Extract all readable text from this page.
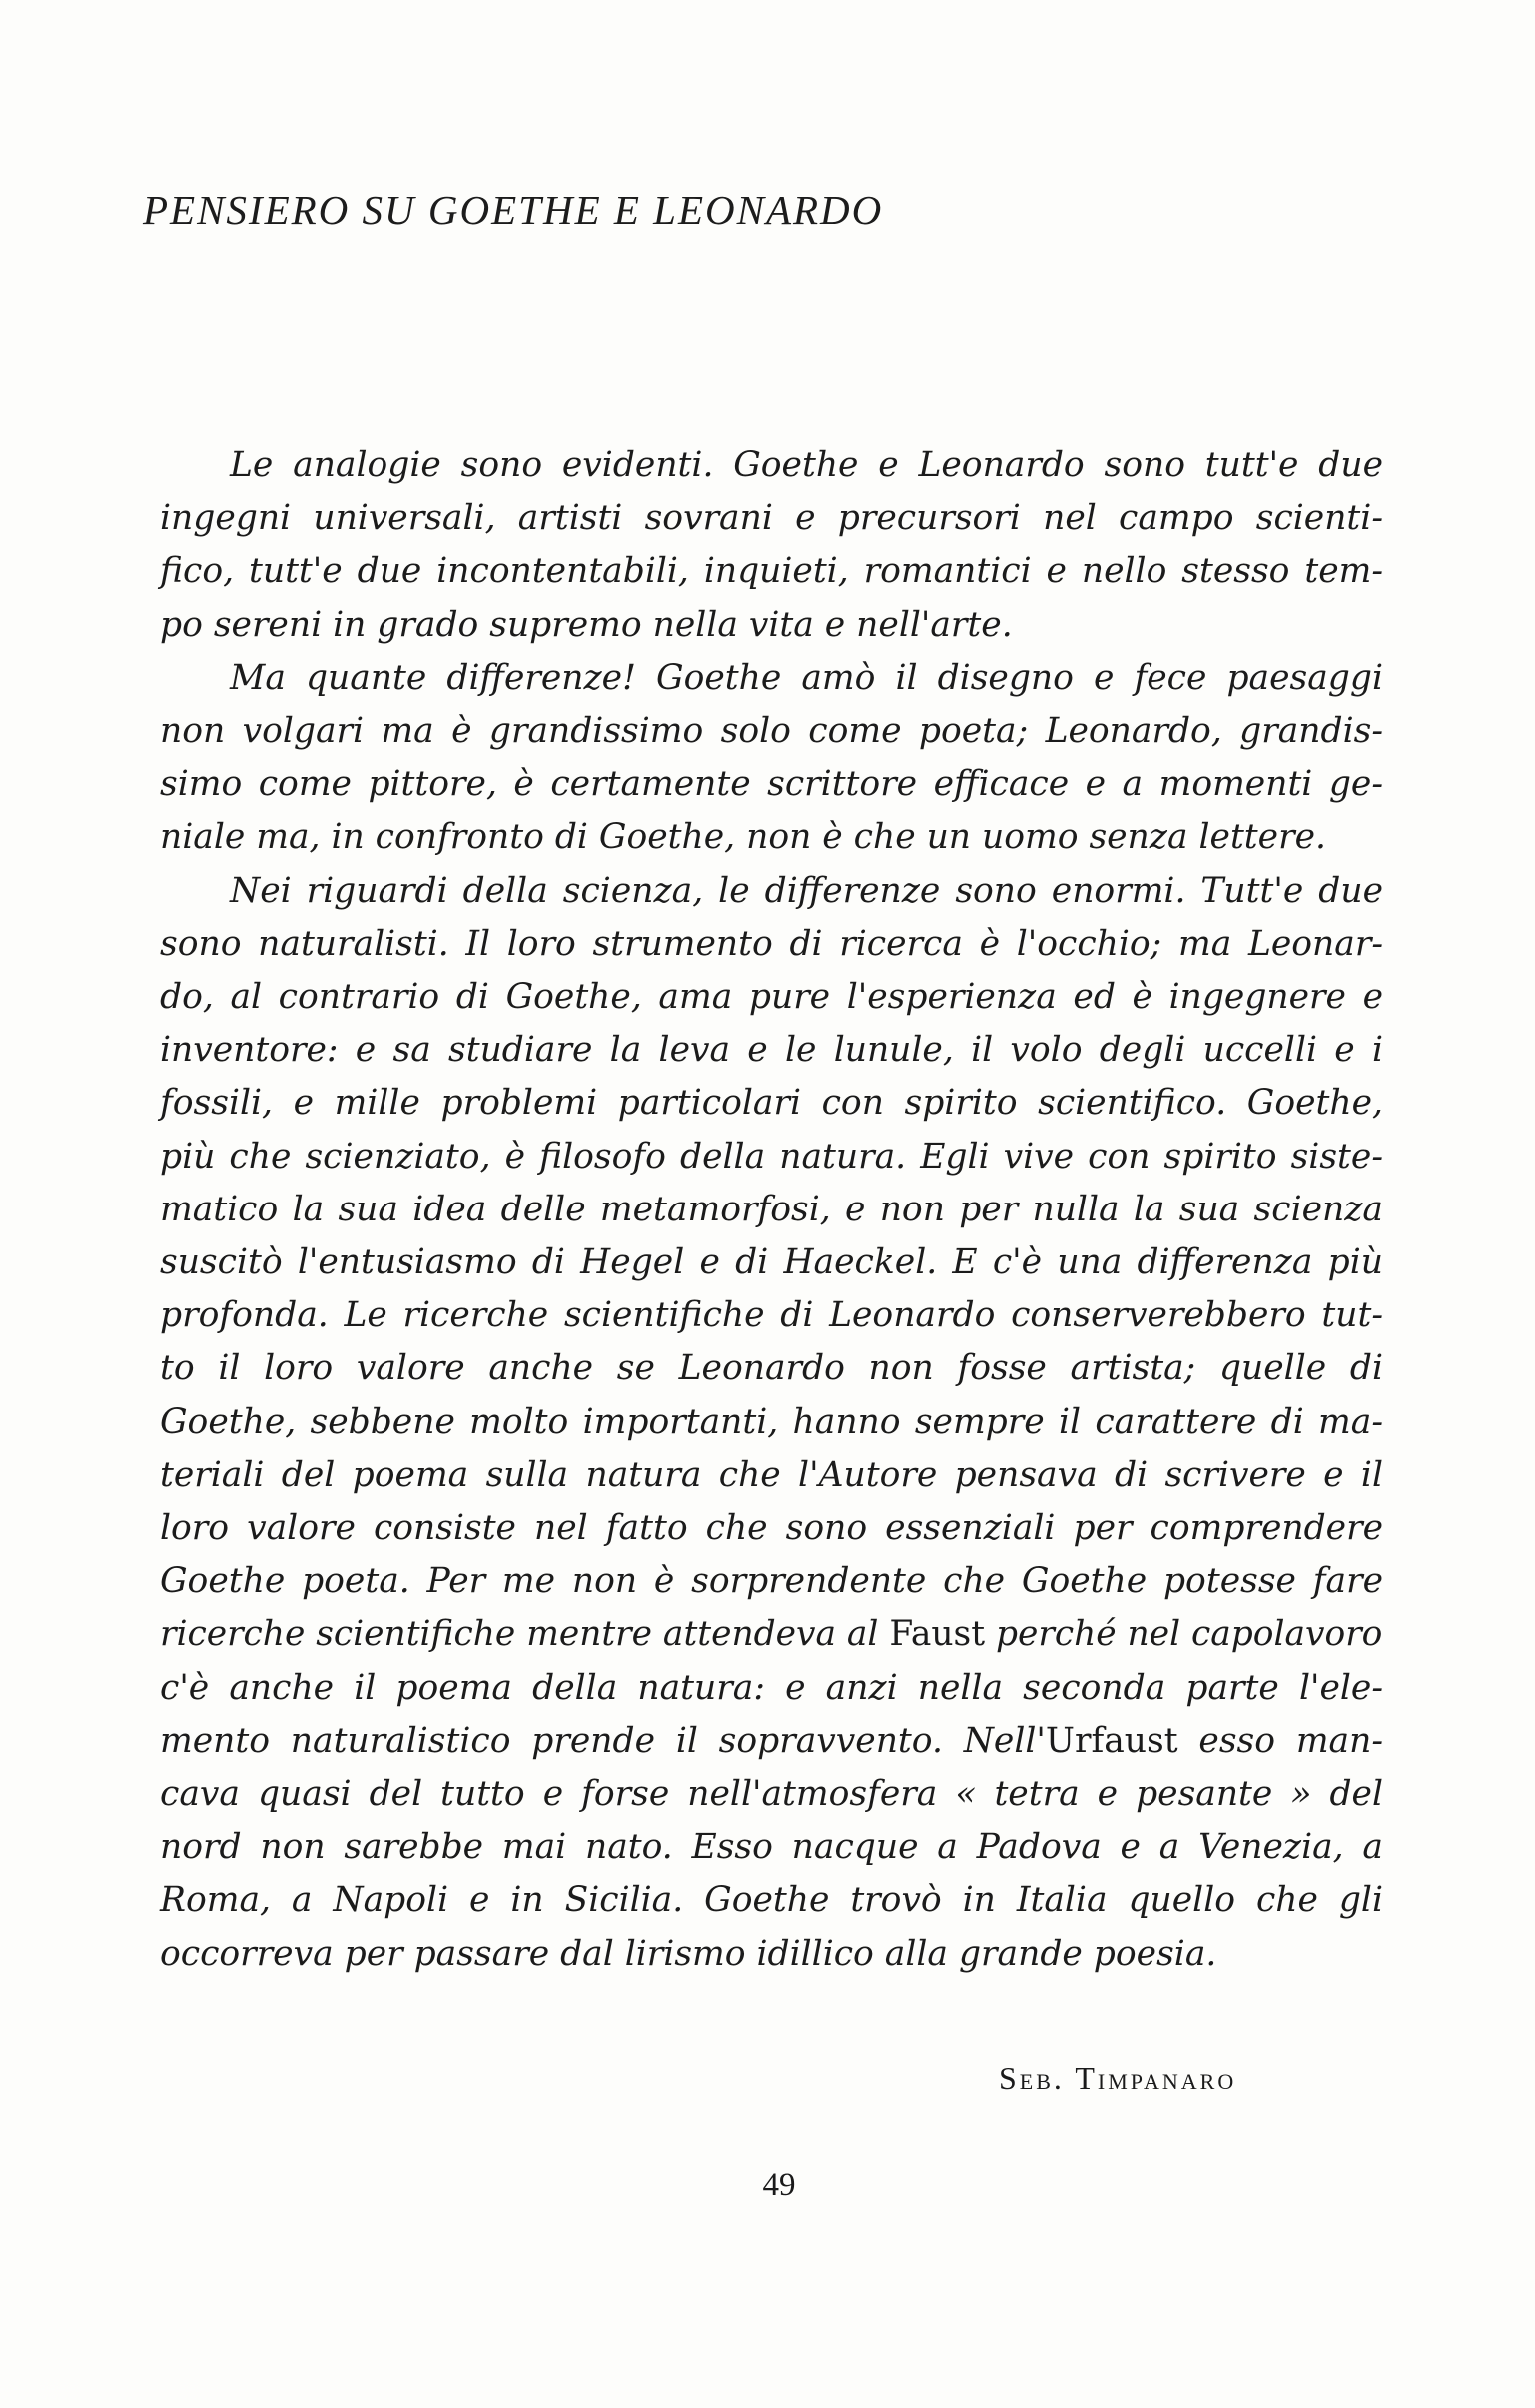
PENSIERO SU GOETHE E LEONARDO

Le analogie sono evidenti. Goethe e Leonardo sono tutt'e due
ingegni universali, artisti sovrani e precursori nel campo scienti-
fico, tutt'e due incontentabili, inquieti, romantici e nello stesso tem-
po sereni in grado supremo nella vita e nell'arte.

Ma quante differenze! Goethe amò il disegno e fece paesaggi
non volgari ma è grandissimo solo come poeta; Leonardo, grandis-
simo come pittore, è certamente scrittore efficace e a momenti ge-
niale ma, in confronto di Goethe, non è che un uomo senza lettere.

Nei riguardi della scienza, le differenze sono enormi. Tutt'e due
sono naturalisti. Il loro strumento di ricerca è l'occhio; ma Leonar-
do, al contrario di Goethe, ama pure l'esperienza ed è ingegnere e
inventore: e sa studiare la leva e le lunule, il volo degli uccelli e i
fossili, e mille problemi particolari con spirito scientifico. Goethe,
più che scienziato, è filosofo della natura. Egli vive con spirito siste-
matico la sua idea delle metamorfosi, e non per nulla la sua scienza
suscitò l'entusiasmo di Hegel e di Haeckel. E c'è una differenza più
profonda. Le ricerche scientifiche di Leonardo conserverebbero tut-
to il loro valore anche se Leonardo non fosse artista; quelle di
Goethe, sebbene molto importanti, hanno sempre il carattere di ma-
teriali del poema sulla natura che l'Autore pensava di scrivere e il
loro valore consiste nel fatto che sono essenziali per comprendere
Goethe poeta. Per me non è sorprendente che Goethe potesse fare
ricerche scientifiche mentre attendeva al Faust perché nel capolavoro
c'è anche il poema della natura: e anzi nella seconda parte l'ele-
mento naturalistico prende il sopravvento. Nell'Urfaust esso man-
cava quasi del tutto e forse nell'atmosfera « tetra e pesante » del
nord non sarebbe mai nato. Esso nacque a Padova e a Venezia, a
Roma, a Napoli e in Sicilia. Goethe trovò in Italia quello che gli
occorreva per passare dal lirismo idillico alla grande poesia.

Seb. Timpanaro
49
